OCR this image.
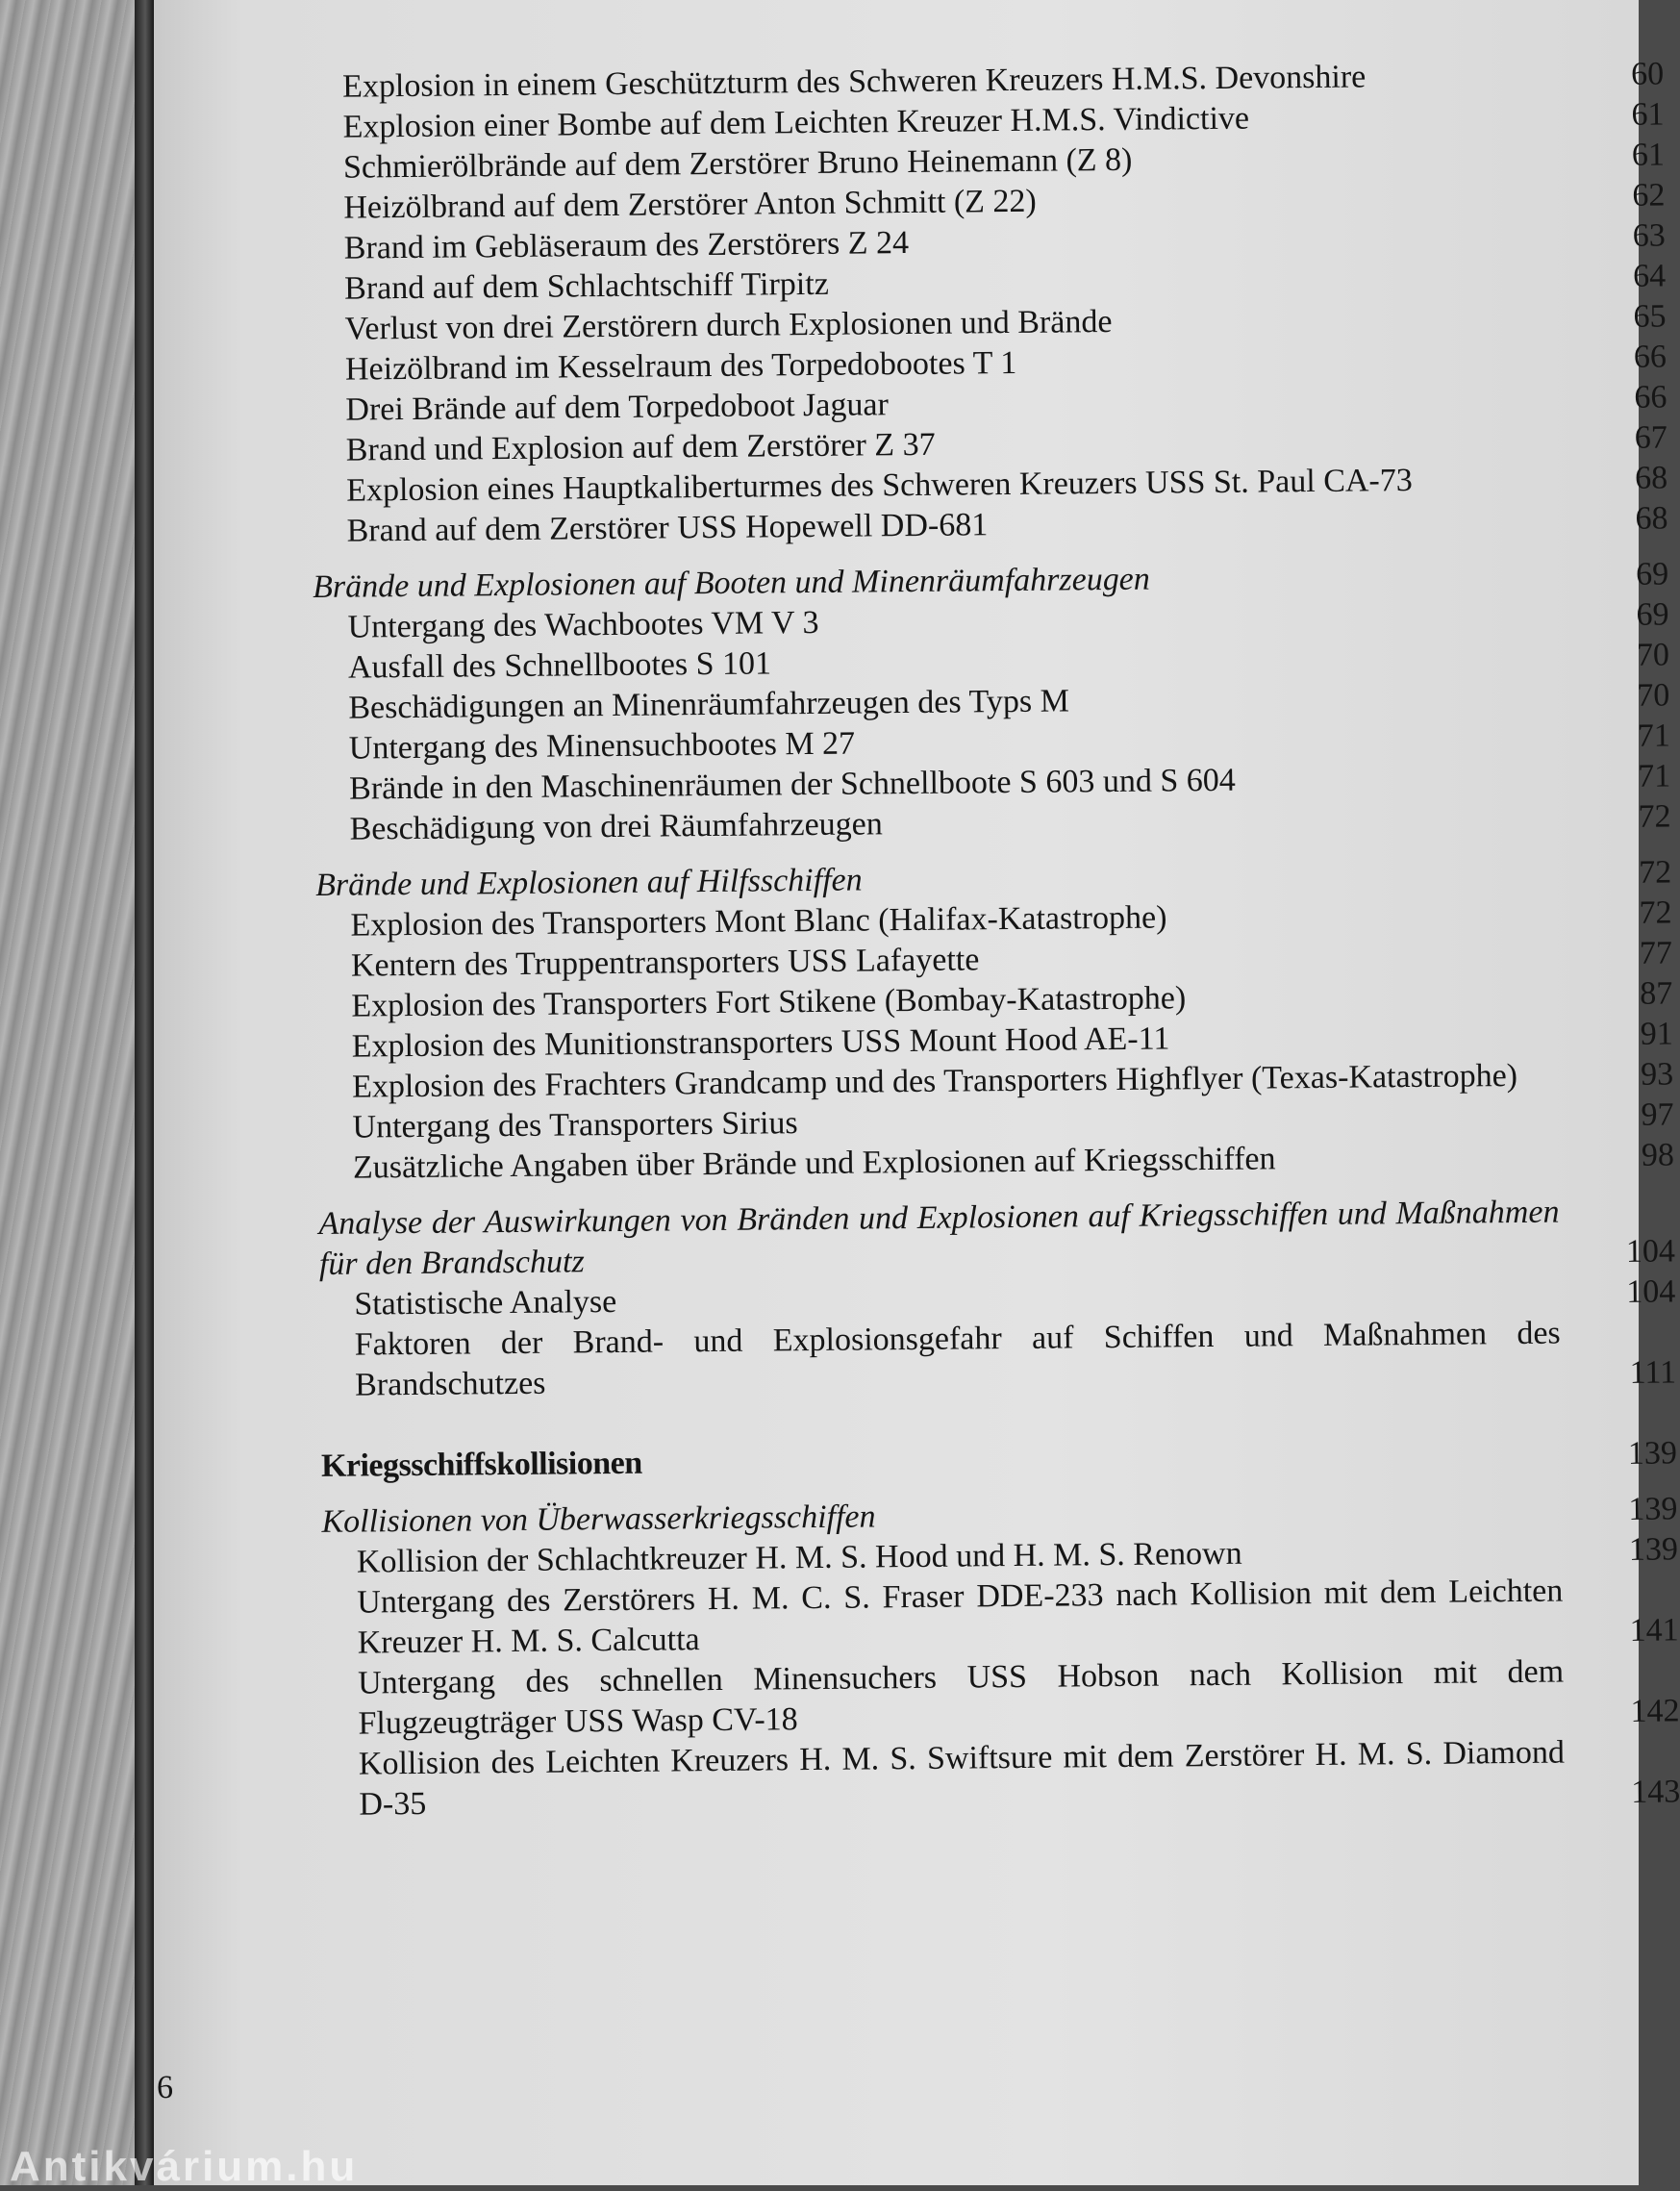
Explosion in einem Geschützturm des Schweren Kreuzers H.M.S. Devonshire	60
Explosion einer Bombe auf dem Leichten Kreuzer H.M.S. Vindictive	61
Schmierölbrände auf dem Zerstörer Bruno Heinemann (Z 8)	61
Heizölbrand auf dem Zerstörer Anton Schmitt (Z 22)	62
Brand im Gebläseraum des Zerstörers Z 24	63
Brand auf dem Schlachtschiff Tirpitz	64
Verlust von drei Zerstörern durch Explosionen und Brände	65
Heizölbrand im Kesselraum des Torpedobootes T 1	66
Drei Brände auf dem Torpedoboot Jaguar	66
Brand und Explosion auf dem Zerstörer Z 37	67
Explosion eines Hauptkaliberturmes des Schweren Kreuzers USS St. Paul CA-73	68
Brand auf dem Zerstörer USS Hopewell DD-681	68
Brände und Explosionen auf Booten und Minenräumfahrzeugen	69
Untergang des Wachbootes VM V 3	69
Ausfall des Schnellbootes S 101	70
Beschädigungen an Minenräumfahrzeugen des Typs M	70
Untergang des Minensuchbootes M 27	71
Brände in den Maschinenräumen der Schnellboote S 603 und S 604	71
Beschädigung von drei Räumfahrzeugen	72
Brände und Explosionen auf Hilfsschiffen	72
Explosion des Transporters Mont Blanc (Halifax-Katastrophe)	72
Kentern des Truppentransporters USS Lafayette	77
Explosion des Transporters Fort Stikene (Bombay-Katastrophe)	87
Explosion des Munitionstransporters USS Mount Hood AE-11	91
Explosion des Frachters Grandcamp und des Transporters Highflyer (Texas-Katastrophe)	93
Untergang des Transporters Sirius	97
Zusätzliche Angaben über Brände und Explosionen auf Kriegsschiffen	98
Analyse der Auswirkungen von Bränden und Explosionen auf Kriegsschiffen und Maßnahmen für den Brandschutz	104
Statistische Analyse	104
Faktoren der Brand- und Explosionsgefahr auf Schiffen und Maßnahmen des Brandschutzes	111
Kriegsschiffskollisionen	139
Kollisionen von Überwasserkriegsschiffen	139
Kollision der Schlachtkreuzer H. M. S. Hood und H. M. S. Renown	139
Untergang des Zerstörers H. M. C. S. Fraser DDE-233 nach Kollision mit dem Leichten Kreuzer H. M. S. Calcutta	141
Untergang des schnellen Minensuchers USS Hobson nach Kollision mit dem Flugzeugträger USS Wasp CV-18	142
Kollision des Leichten Kreuzers H. M. S. Swiftsure mit dem Zerstörer H. M. S. Diamond D-35	143
6
Antikvárium.hu
